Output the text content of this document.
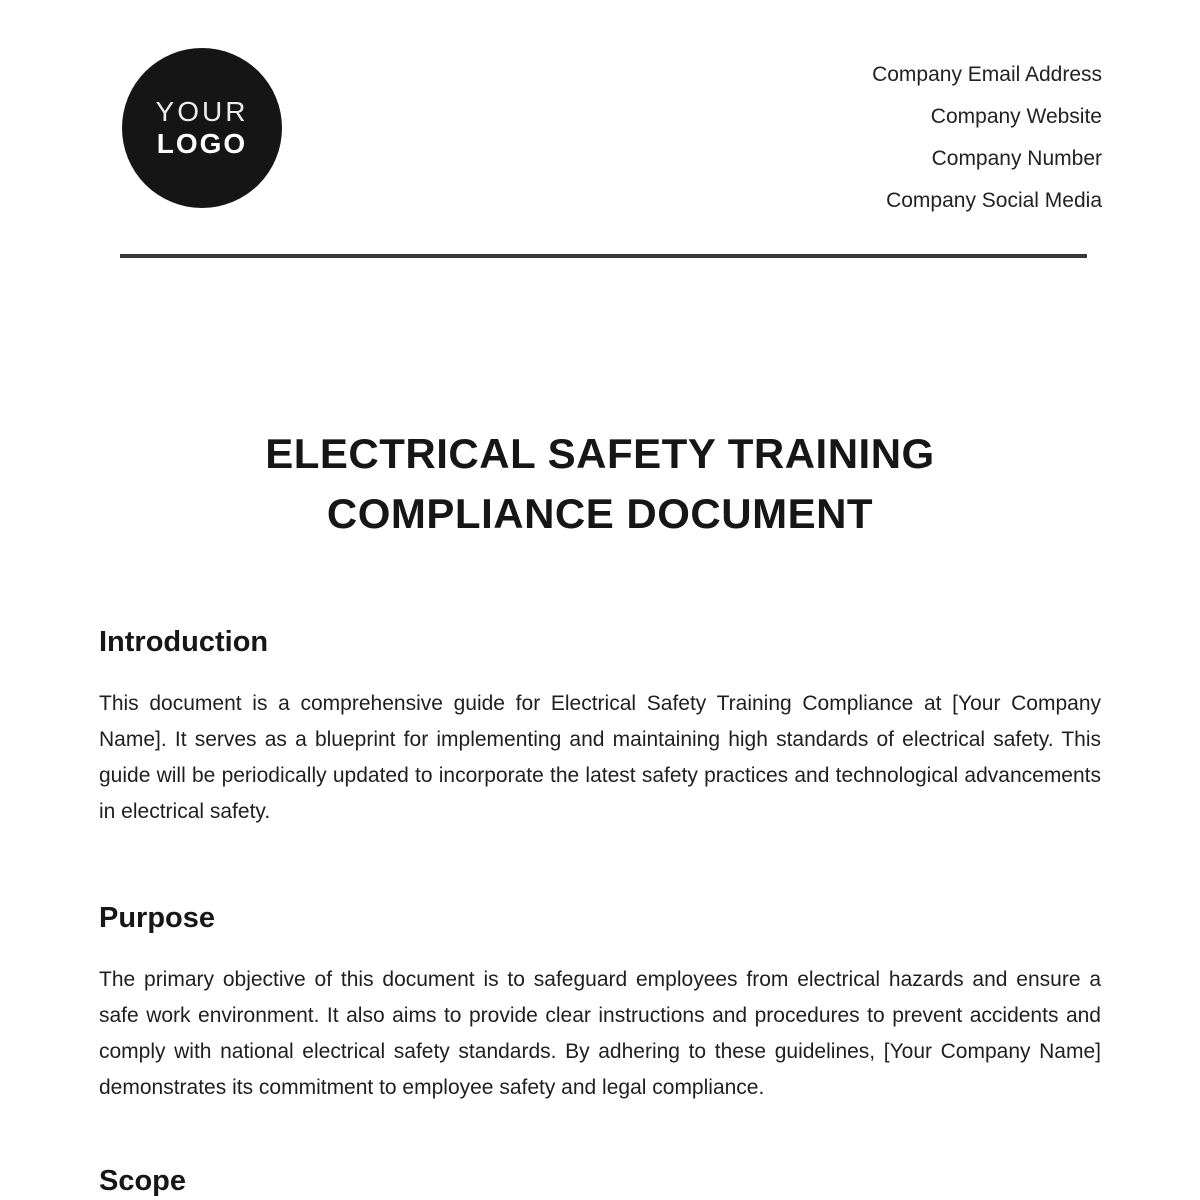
YOUR
LOGO
Company Email Address
Company Website
Company Number
Company Social Media
ELECTRICAL SAFETY TRAINING COMPLIANCE DOCUMENT
Introduction

This document is a comprehensive guide for Electrical Safety Training Compliance at [Your Company Name]. It serves as a blueprint for implementing and maintaining high standards of electrical safety. This guide will be periodically updated to incorporate the latest safety practices and technological advancements in electrical safety.

Purpose

The primary objective of this document is to safeguard employees from electrical hazards and ensure a safe work environment. It also aims to provide clear instructions and procedures to prevent accidents and comply with national electrical safety standards. By adhering to these guidelines, [Your Company Name] demonstrates its commitment to employee safety and legal compliance.

Scope
